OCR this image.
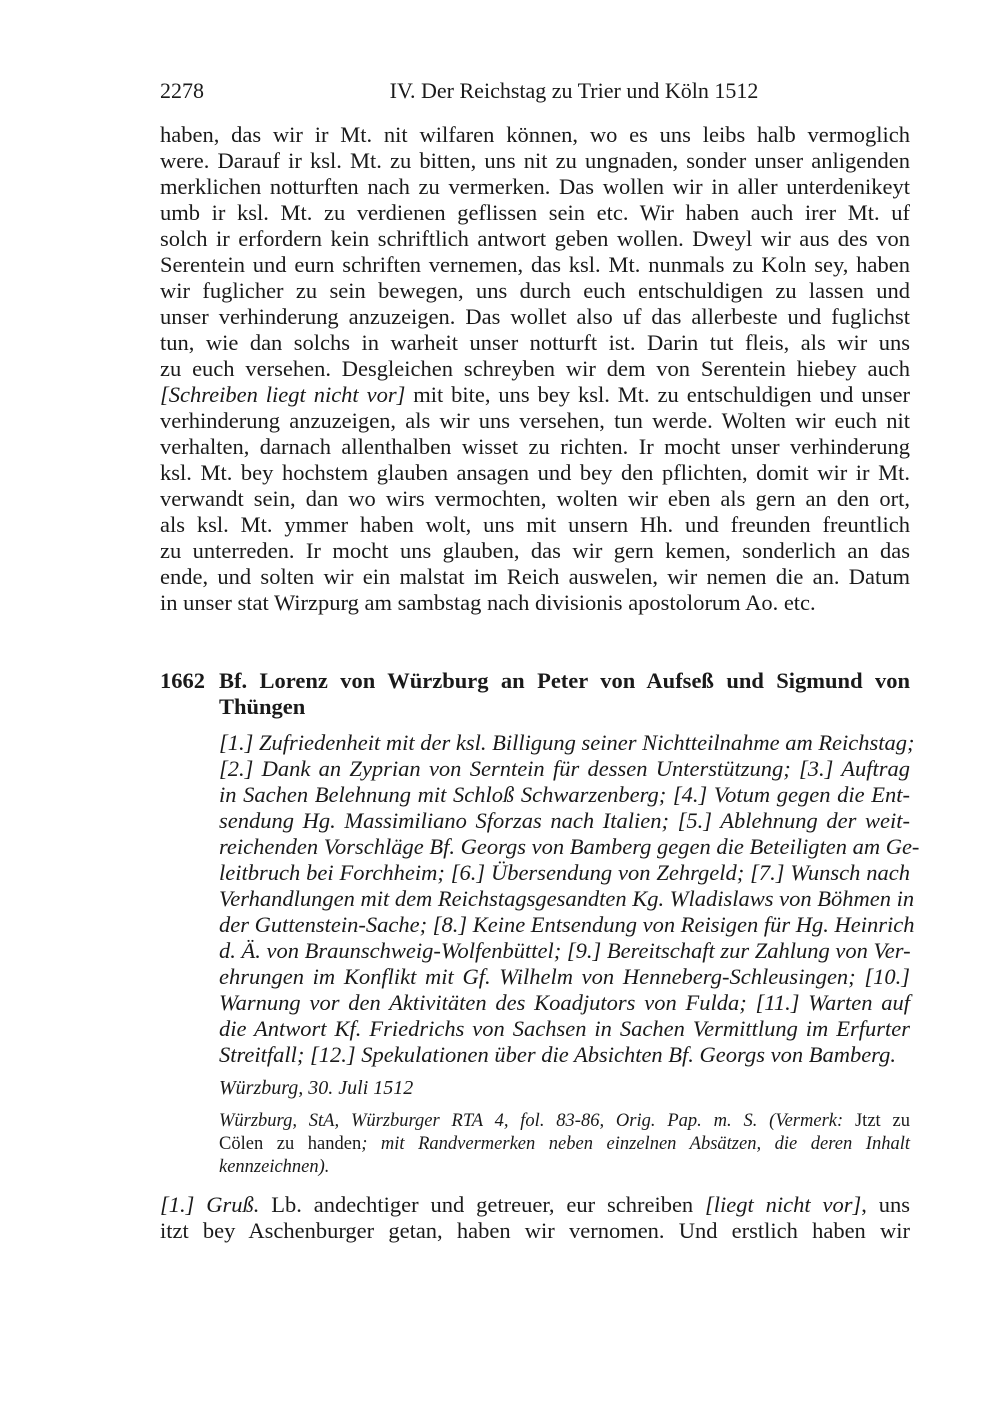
2278	IV. Der Reichstag zu Trier und Köln 1512
haben, das wir ir Mt. nit wilfaren können, wo es uns leibs halb vermoglich
were. Darauf ir ksl. Mt. zu bitten, uns nit zu ungnaden, sonder unser anligenden
merklichen notturften nach zu vermerken. Das wollen wir in aller unterdenikeyt
umb ir ksl. Mt. zu verdienen geflissen sein etc. Wir haben auch irer Mt. uf
solch ir erfordern kein schriftlich antwort geben wollen. Dweyl wir aus des von
Serentein und eurn schriften vernemen, das ksl. Mt. nunmals zu Koln sey, haben
wir fuglicher zu sein bewegen, uns durch euch entschuldigen zu lassen und
unser verhinderung anzuzeigen. Das wollet also uf das allerbeste und fuglichst
tun, wie dan solchs in warheit unser notturft ist. Darin tut fleis, als wir uns
zu euch versehen. Desgleichen schreyben wir dem von Serentein hiebey auch
[Schreiben liegt nicht vor] mit bite, uns bey ksl. Mt. zu entschuldigen und unser
verhinderung anzuzeigen, als wir uns versehen, tun werde. Wolten wir euch nit
verhalten, darnach allenthalben wisset zu richten. Ir mocht unser verhinderung
ksl. Mt. bey hochstem glauben ansagen und bey den pflichten, domit wir ir Mt.
verwandt sein, dan wo wirs vermochten, wolten wir eben als gern an den ort,
als ksl. Mt. ymmer haben wolt, uns mit unsern Hh. und freunden freuntlich
zu unterreden. Ir mocht uns glauben, das wir gern kemen, sonderlich an das
ende, und solten wir ein malstat im Reich auswelen, wir nemen die an. Datum
in unser stat Wirzpurg am sambstag nach divisionis apostolorum Ao. etc.
1662 Bf. Lorenz von Würzburg an Peter von Aufseß und Sigmund von
Thüngen
[1.] Zufriedenheit mit der ksl. Billigung seiner Nichtteilnahme am Reichstag;
[2.] Dank an Zyprian von Serntein für dessen Unterstützung; [3.] Auftrag
in Sachen Belehnung mit Schloß Schwarzenberg; [4.] Votum gegen die Ent-
sendung Hg. Massimiliano Sforzas nach Italien; [5.] Ablehnung der weit-
reichenden Vorschläge Bf. Georgs von Bamberg gegen die Beteiligten am Ge-
leitbruch bei Forchheim; [6.] Übersendung von Zehrgeld; [7.] Wunsch nach
Verhandlungen mit dem Reichstagsgesandten Kg. Wladislaws von Böhmen in
der Guttenstein-Sache; [8.] Keine Entsendung von Reisigen für Hg. Heinrich
d. Ä. von Braunschweig-Wolfenbüttel; [9.] Bereitschaft zur Zahlung von Ver-
ehrungen im Konflikt mit Gf. Wilhelm von Henneberg-Schleusingen; [10.]
Warnung vor den Aktivitäten des Koadjutors von Fulda; [11.] Warten auf
die Antwort Kf. Friedrichs von Sachsen in Sachen Vermittlung im Erfurter
Streitfall; [12.] Spekulationen über die Absichten Bf. Georgs von Bamberg.
Würzburg, 30. Juli 1512
Würzburg, StA, Würzburger RTA 4, fol. 83-86, Orig. Pap. m. S. (Vermerk: Jtzt zu
Cölen zu handen; mit Randvermerken neben einzelnen Absätzen, die deren Inhalt
kennzeichnen).
[1.] Gruß. Lb. andechtiger und getreuer, eur schreiben [liegt nicht vor], uns
itzt bey Aschenburger getan, haben wir vernomen. Und erstlich haben wir
